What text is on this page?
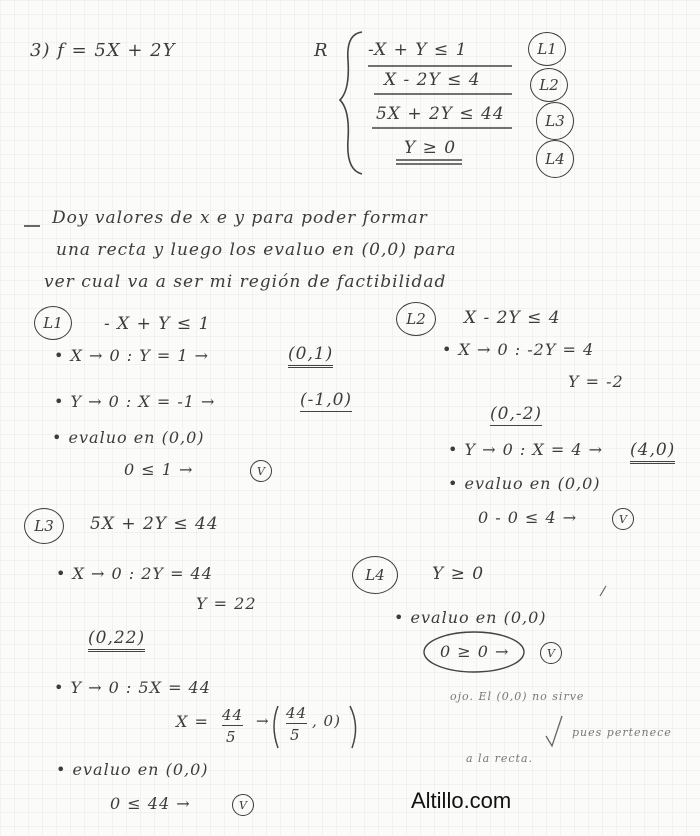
3) f = 5X + 2Y	R -X + Y ≤ 1
X - 2Y ≤ 4
5X + 2Y ≤ 44
Y ≥ 0
L1
L2
L3
L4
Doy valores de x e y para poder formar
una recta y luego los evaluo en (0,0) para
ver cual va a ser mi región de factibilidad
L1	- X + Y ≤ 1
• X → 0 : Y = 1 →	(0,1)
• Y → 0 : X = -1 →	(-1,0)
• evaluo en (0,0)
0 ≤ 1 →	V
L2	X - 2Y ≤ 4
• X → 0 : -2Y = 4
Y = -2
(0,-2)
• Y → 0 : X = 4 → (4,0)
• evaluo en (0,0)
0 - 0 ≤ 4 →	V
L3	5X + 2Y ≤ 44
• X → 0 : 2Y = 44
Y = 22
(0,22)
• Y → 0 : 5X = 44
X = 44
5
→ 44
5
, 0)
• evaluo en (0,0)
0 ≤ 44 →	V
L4	Y ≥ 0
• evaluo en (0,0)
0 ≥ 0 →	V
ojo. El (0,0) no sirve
pues pertenece
a la recta.
Altillo.com
